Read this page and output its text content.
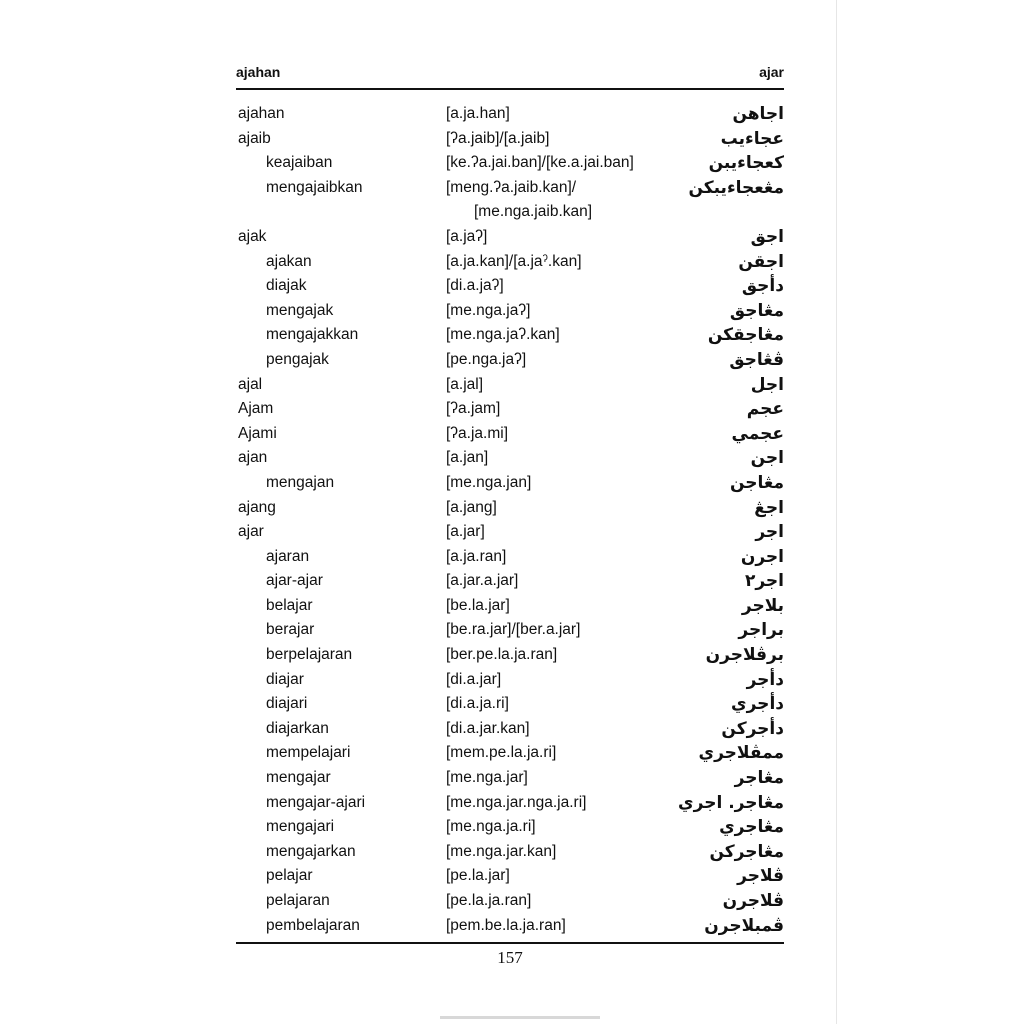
ajahan	ajar
ajahan	[a.ja.han]	اجاهن
ajaib	[ʔa.jaib]/[a.jaib]	عجاءيب
keajaiban	[ke.ʔa.jai.ban]/[ke.a.jai.ban]	كعجاءيبن
mengajaibkan	[meng.ʔa.jaib.kan]/	مڠعجاءيبکن
[me.nga.jaib.kan]
ajak	[a.jaʔ]	اجق
ajakan	[a.ja.kan]/[a.jaˀ.kan]	اجقن
diajak	[di.a.jaʔ]	دأجق
mengajak	[me.nga.jaʔ]	مڠاجق
mengajakkan	[me.nga.jaʔ.kan]	مڠاجقکن
pengajak	[pe.nga.jaʔ]	ڤڠاجق
ajal	[a.jal]	اجل
Ajam	[ʔa.jam]	عجم
Ajami	[ʔa.ja.mi]	عجمي
ajan	[a.jan]	اجن
mengajan	[me.nga.jan]	مڠاجن
ajang	[a.jang]	اجڠ
ajar	[a.jar]	اجر
ajaran	[a.ja.ran]	اجرن
ajar-ajar	[a.jar.a.jar]	اجر٢
belajar	[be.la.jar]	بلاجر
berajar	[be.ra.jar]/[ber.a.jar]	براجر
berpelajaran	[ber.pe.la.ja.ran]	برڤلاجرن
diajar	[di.a.jar]	دأجر
diajari	[di.a.ja.ri]	دأجري
diajarkan	[di.a.jar.kan]	دأجرکن
mempelajari	[mem.pe.la.ja.ri]	ممڤلاجري
mengajar	[me.nga.jar]	مڠاجر
mengajar-ajari	[me.nga.jar.nga.ja.ri]	مڠاجر. اجري
mengajari	[me.nga.ja.ri]	مڠاجري
mengajarkan	[me.nga.jar.kan]	مڠاجرکن
pelajar	[pe.la.jar]	ڤلاجر
pelajaran	[pe.la.ja.ran]	ڤلاجرن
pembelajaran	[pem.be.la.ja.ran]	ڤمبلاجرن
157
